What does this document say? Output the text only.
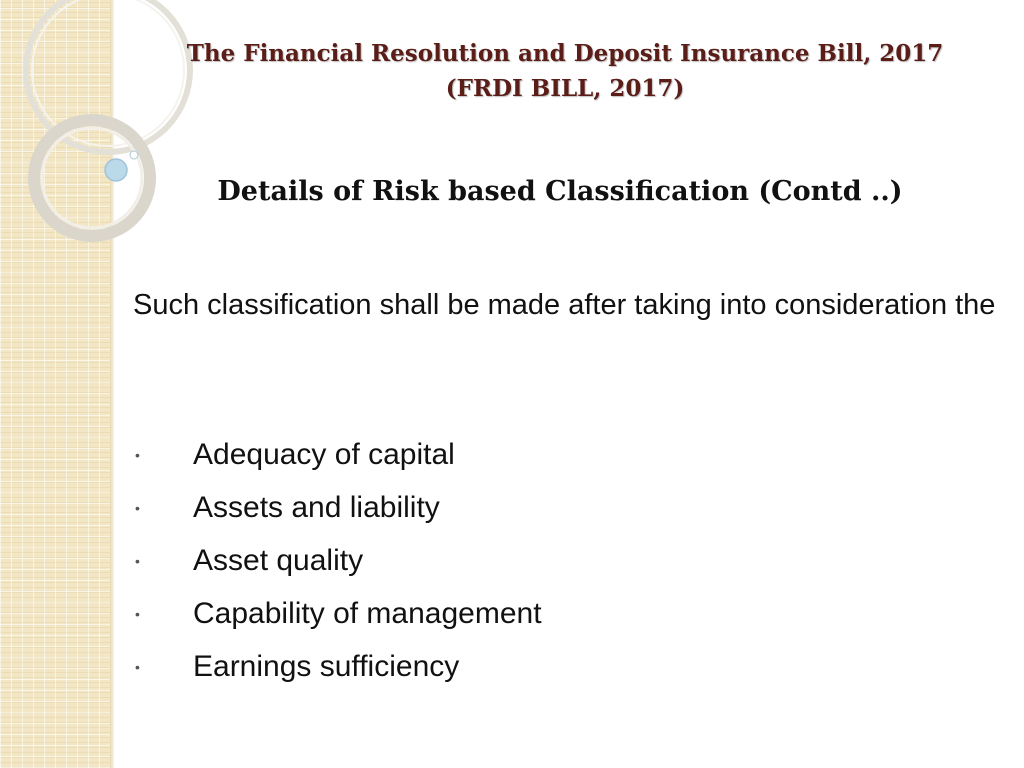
The Financial Resolution and Deposit Insurance Bill, 2017
(FRDI BILL, 2017)
Details of Risk based Classification (Contd ..)
Such classification shall be made after taking into consideration the
•	Adequacy of capital
•	Assets and liability
•	Asset quality
•	Capability of management
•	Earnings sufficiency
